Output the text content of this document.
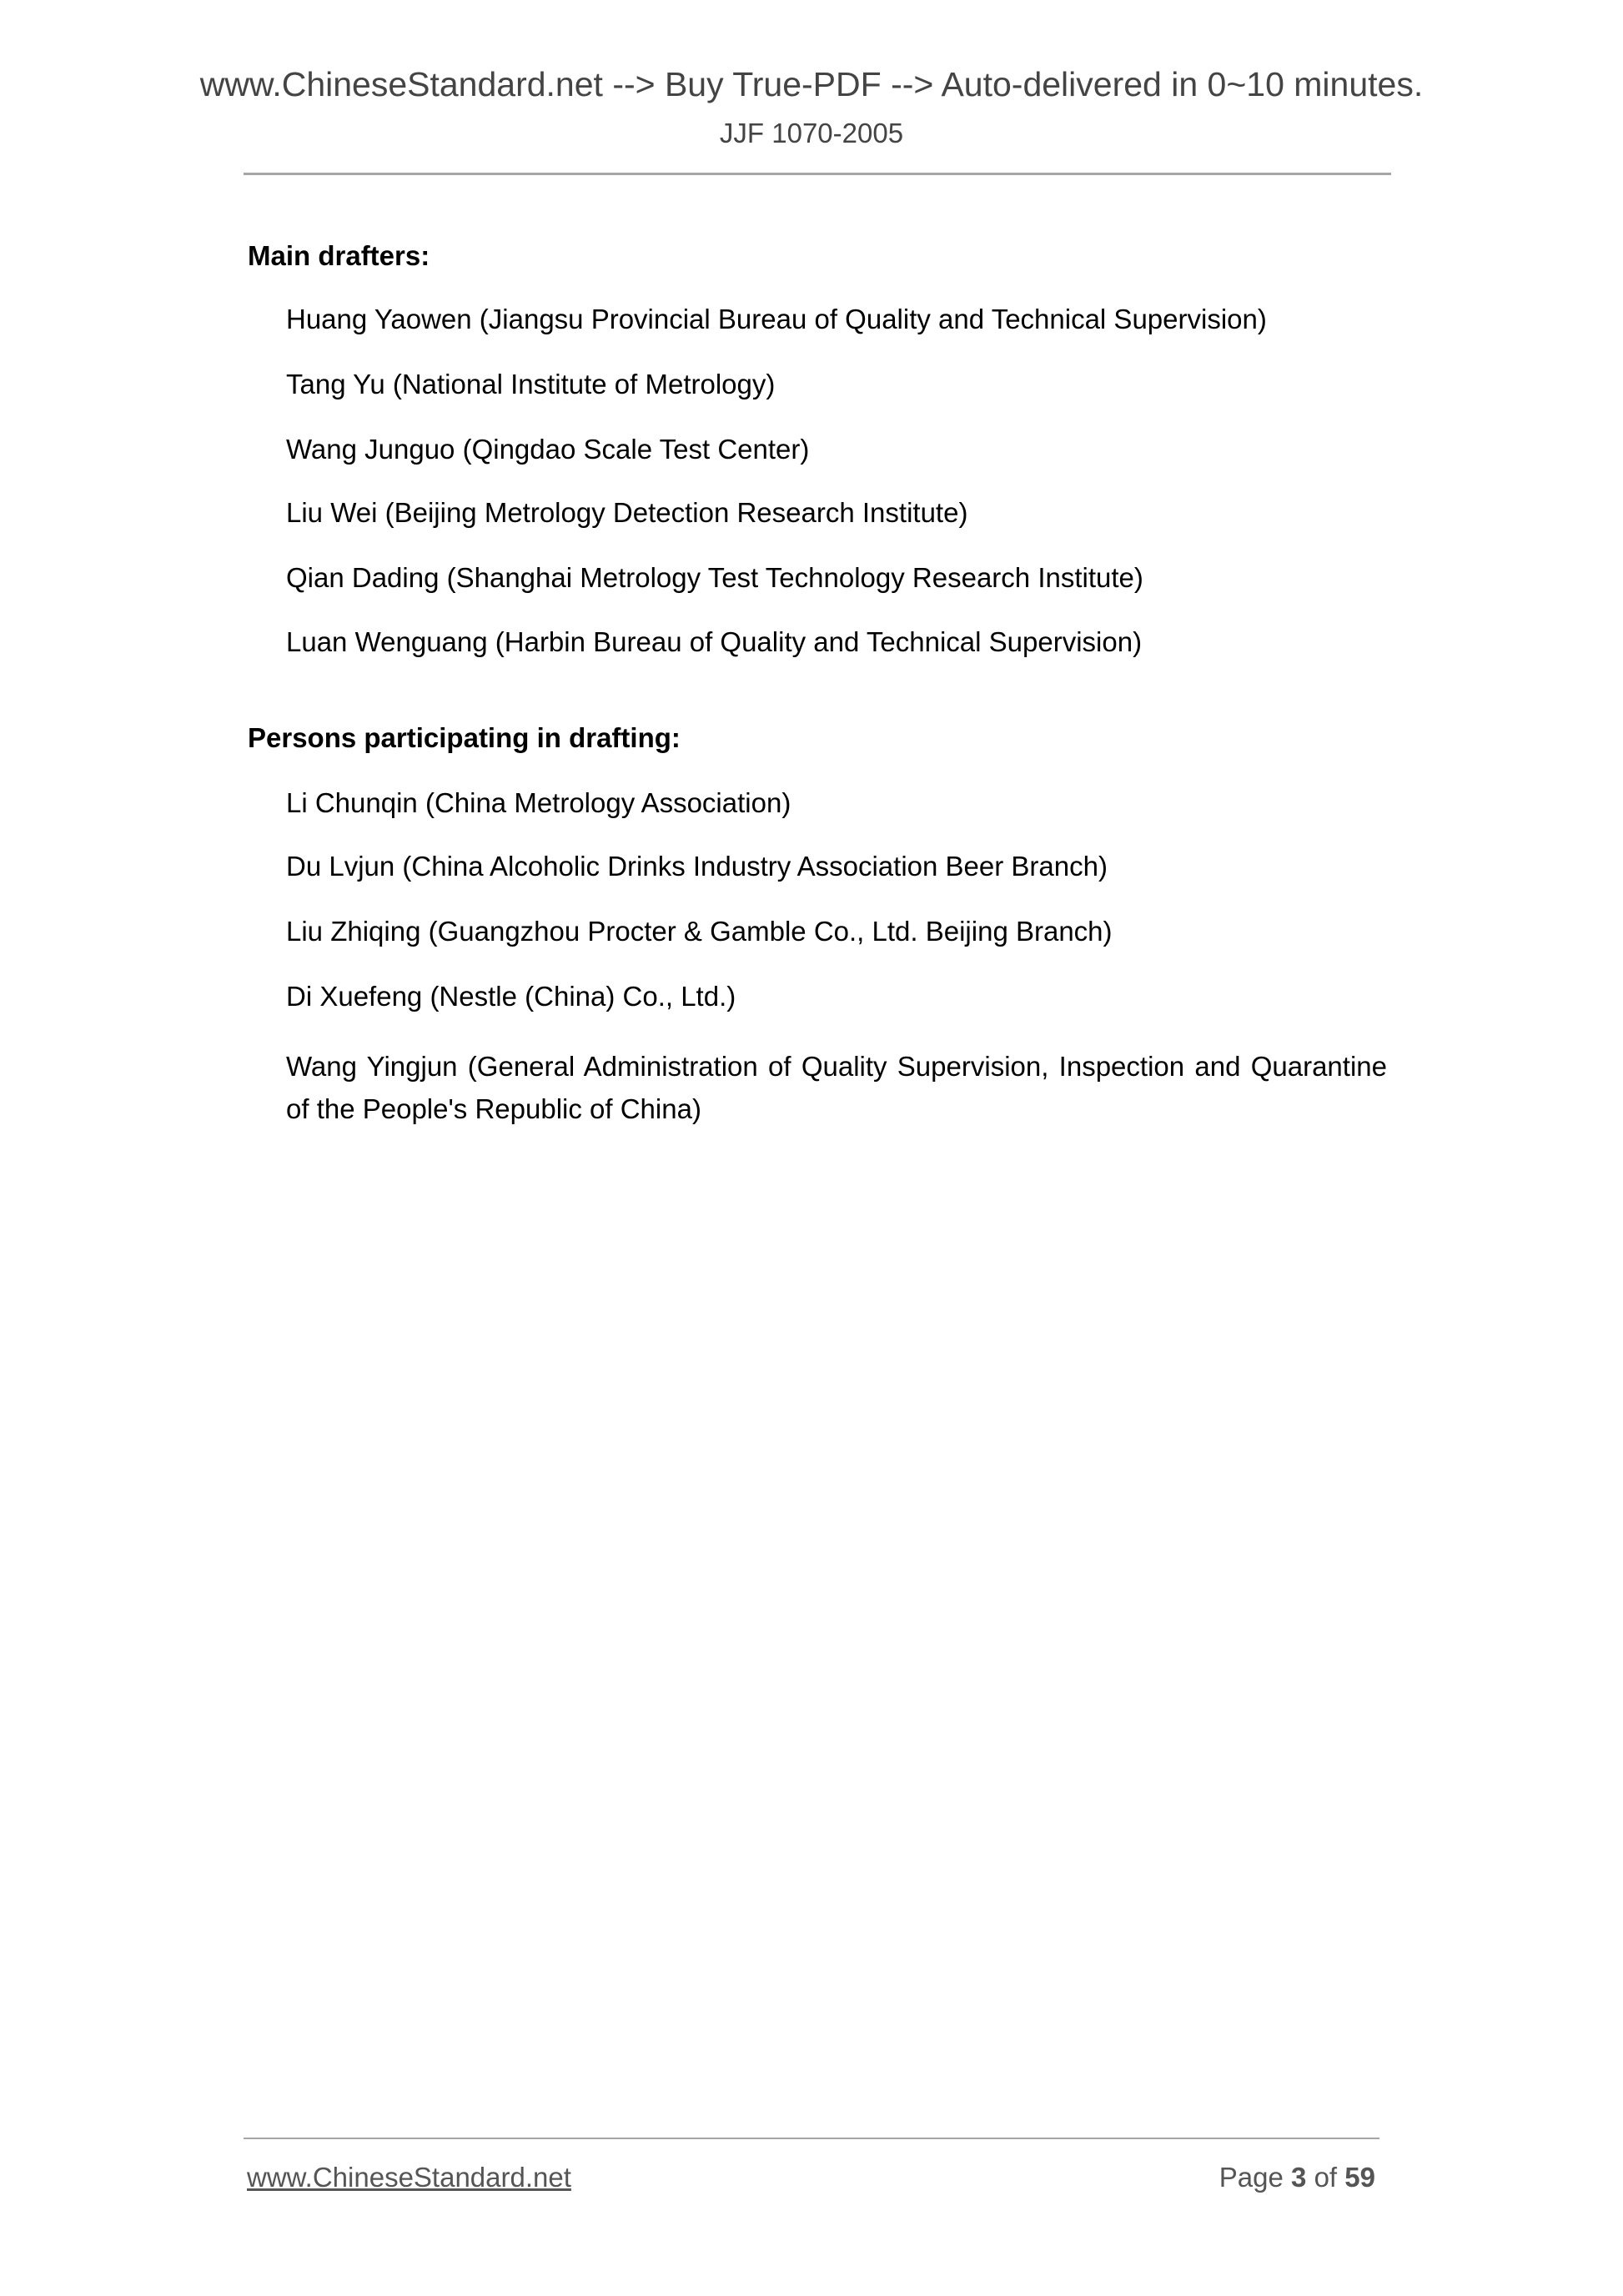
www.ChineseStandard.net --> Buy True-PDF --> Auto-delivered in 0~10 minutes.
JJF 1070-2005
Main drafters:
Huang Yaowen (Jiangsu Provincial Bureau of Quality and Technical Supervision)
Tang Yu (National Institute of Metrology)
Wang Junguo (Qingdao Scale Test Center)
Liu Wei (Beijing Metrology Detection Research Institute)
Qian Dading (Shanghai Metrology Test Technology Research Institute)
Luan Wenguang (Harbin Bureau of Quality and Technical Supervision)
Persons participating in drafting:
Li Chunqin (China Metrology Association)
Du Lvjun (China Alcoholic Drinks Industry Association Beer Branch)
Liu Zhiqing (Guangzhou Procter & Gamble Co., Ltd. Beijing Branch)
Di Xuefeng (Nestle (China) Co., Ltd.)
Wang Yingjun (General Administration of Quality Supervision, Inspection and Quarantine of the People's Republic of China)
www.ChineseStandard.net	Page 3 of 59
